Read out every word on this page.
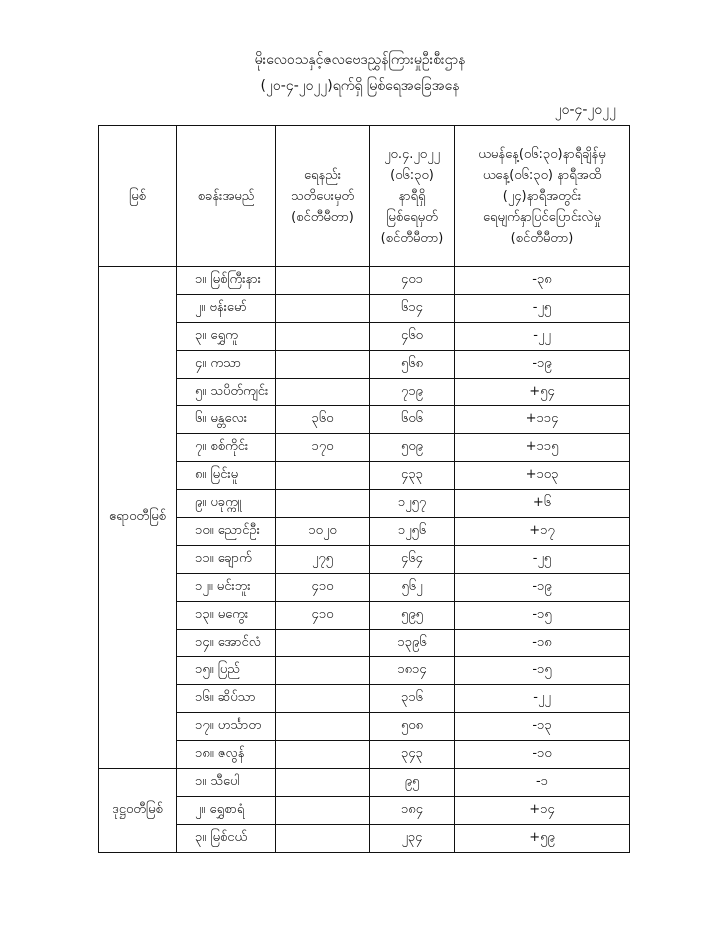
မိုးလေဝသနှင့်ဇလဗေဒညွှန်ကြားမှုဦးစီးဌာန
(၂၀-၄-၂၀၂၂)ရက်ရှိ မြစ်ရေအခြေအနေ
၂၀-၄-၂၀၂၂
မြစ်	စခန်းအမည်	ရေနည်း
သတိပေးမှတ်
(စင်တီမီတာ)	၂၀.၄.၂၀၂၂
(၀၆:၃၀)
နာရီရှိ
မြစ်ရေမှတ်
(စင်တီမီတာ)	ယမန်နေ့(၀၆:၃၀)နာရီချိန်မှ
ယနေ့(၀၆:၃၀) နာရီအထိ
(၂၄)နာရီအတွင်း
ရေမျက်နှာပြင်ပြောင်းလဲမှု
(စင်တီမီတာ)

ဧရာဝတီမြစ်	၁။ မြစ်ကြီးနား		၄၀၁	-၃၈
	၂။ ဗန်းမော်		၆၁၄	-၂၅
	၃။ ရွှေကူ		၄၆၀	-၂၂
	၄။ ကသာ		၅၆၈	-၁၉
	၅။ သပိတ်ကျင်း		၇၁၉	+၅၄
	၆။ မန္တလေး	၃၆၀	၆၀၆	+၁၁၄
	၇။ စစ်ကိုင်း	၁၇၀	၅၀၉	+၁၁၅
	၈။ မြင်းမူ		၄၃၃	+၁၀၃
	၉။ ပခုက္ကူ		၁၂၅၇	+၆
	၁၀။ ညောင်ဦး	၁၀၂၀	၁၂၅၆	+၁၇
	၁၁။ ချောက်	၂၇၅	၄၆၄	-၂၅
	၁၂။ မင်းဘူး	၄၁၀	၅၆၂	-၁၉
	၁၃။ မကွေး	၄၁၀	၅၉၅	-၁၅
	၁၄။ အောင်လံ		၁၃၉၆	-၁၈
	၁၅။ ပြည်		၁၈၁၄	-၁၅
	၁၆။ ဆိပ်သာ		၃၁၆	-၂၂
	၁၇။ ဟင်္သာတ		၅၀၈	-၁၃
	၁၈။ ဇလွန်		၃၄၃	-၁၀
ဒုဋ္ဌဝတီမြစ်	၁။ သီပေါ		၉၅	-၁
	၂။ ရွှေစာရံ		၁၈၄	+၁၄
	၃။ မြစ်ငယ်		၂၃၄	+၅၉
